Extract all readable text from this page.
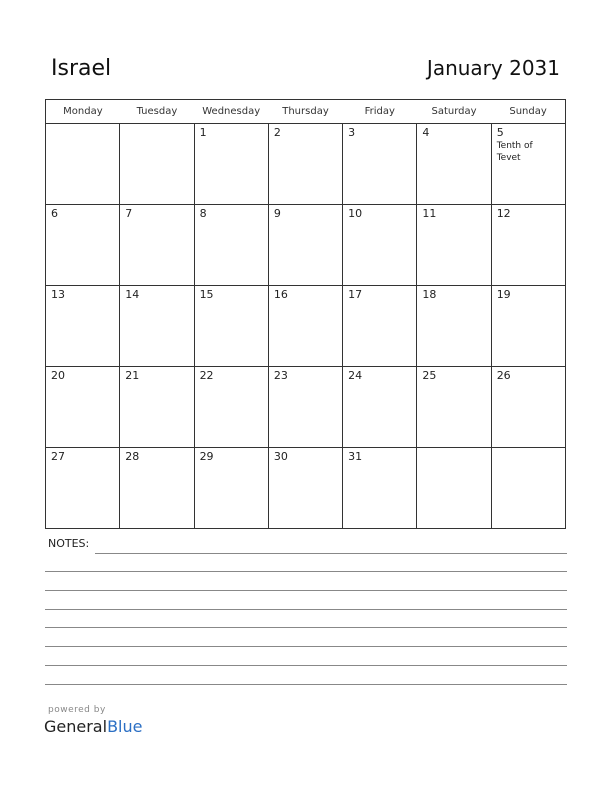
Israel	January 2031
Monday	Tuesday	Wednesday	Thursday	Friday	Saturday	Sunday

		1	2	3	4	5
Tenth of
Tevet

6	7	8	9	10	11	12

13	14	15	16	17	18	19

20	21	22	23	24	25	26

27	28	29	30	31		

NOTES:
powered by
GeneralBlue
